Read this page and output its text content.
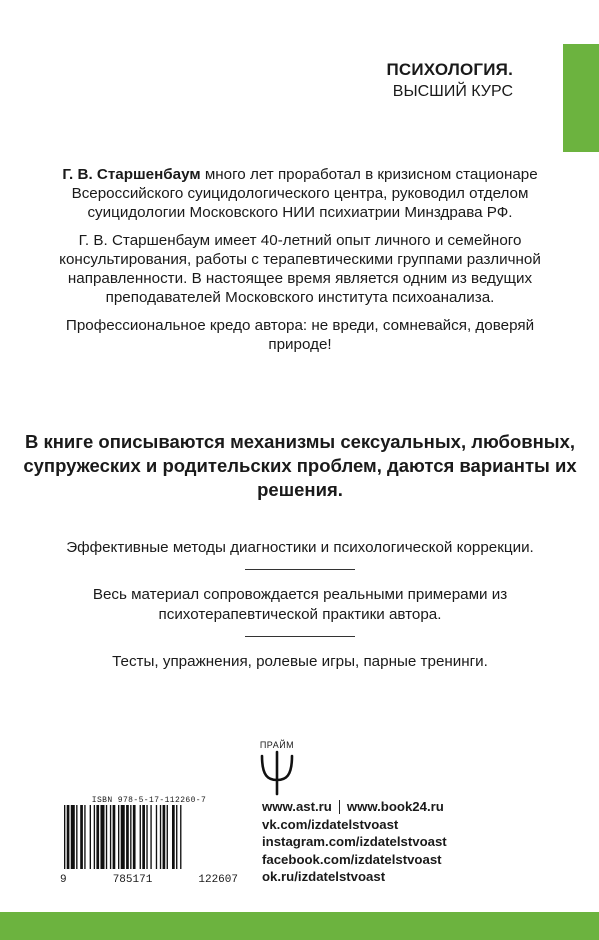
ПСИХОЛОГИЯ.
ВЫСШИЙ КУРС

Г. В. Старшенбаум много лет проработал в кризисном стационаре Всероссийского суицидологического центра, руководил отделом суицидологии Московского НИИ психиатрии Минздрава РФ.

Г. В. Старшенбаум имеет 40-летний опыт личного и семейного консультирования, работы с терапевтическими группами различной направленности. В настоящее время является одним из ведущих преподавателей Московского института психоанализа.

Профессиональное кредо автора: не вреди, сомневайся, доверяй природе!

В книге описываются механизмы сексуальных, любовных, супружеских и родительских проблем, даются варианты их решения.

Эффективные методы диагностики и психологической коррекции.

Весь материал сопровождается реальными примерами из психотерапевтической практики автора.

Тесты, упражнения, ролевые игры, парные тренинги.

ПРАЙМ
ISBN 978-5-17-112260-7
9	785171	122607
www.ast.ru www.book24.ru
vk.com/izdatelstvoast
instagram.com/izdatelstvoast
facebook.com/izdatelstvoast
ok.ru/izdatelstvoast
